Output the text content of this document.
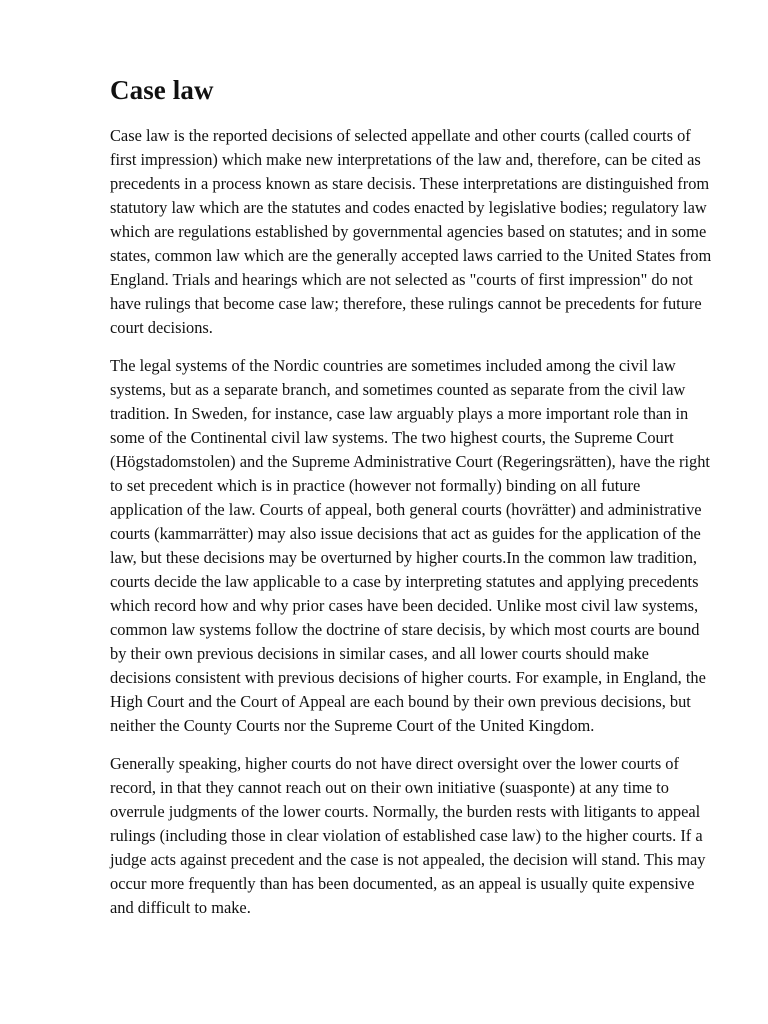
Case law

Case law is the reported decisions of selected appellate and other courts (called courts of first impression) which make new interpretations of the law and, therefore, can be cited as precedents in a process known as stare decisis. These interpretations are distinguished from statutory law which are the statutes and codes enacted by legislative bodies; regulatory law which are regulations established by governmental agencies based on statutes; and in some states, common law which are the generally accepted laws carried to the United States from England. Trials and hearings which are not selected as "courts of first impression" do not have rulings that become case law; therefore, these rulings cannot be precedents for future court decisions.

The legal systems of the Nordic countries are sometimes included among the civil law systems, but as a separate branch, and sometimes counted as separate from the civil law tradition. In Sweden, for instance, case law arguably plays a more important role than in some of the Continental civil law systems. The two highest courts, the Supreme Court (Högstadomstolen) and the Supreme Administrative Court (Regeringsrätten), have the right to set precedent which is in practice (however not formally) binding on all future application of the law. Courts of appeal, both general courts (hovrätter) and administrative courts (kammarrätter) may also issue decisions that act as guides for the application of the law, but these decisions may be overturned by higher courts.In the common law tradition, courts decide the law applicable to a case by interpreting statutes and applying precedents which record how and why prior cases have been decided. Unlike most civil law systems, common law systems follow the doctrine of stare decisis, by which most courts are bound by their own previous decisions in similar cases, and all lower courts should make decisions consistent with previous decisions of higher courts. For example, in England, the High Court and the Court of Appeal are each bound by their own previous decisions, but neither the County Courts nor the Supreme Court of the United Kingdom.

Generally speaking, higher courts do not have direct oversight over the lower courts of record, in that they cannot reach out on their own initiative (suasponte) at any time to overrule judgments of the lower courts. Normally, the burden rests with litigants to appeal rulings (including those in clear violation of established case law) to the higher courts. If a judge acts against precedent and the case is not appealed, the decision will stand. This may occur more frequently than has been documented, as an appeal is usually quite expensive and difficult to make.
